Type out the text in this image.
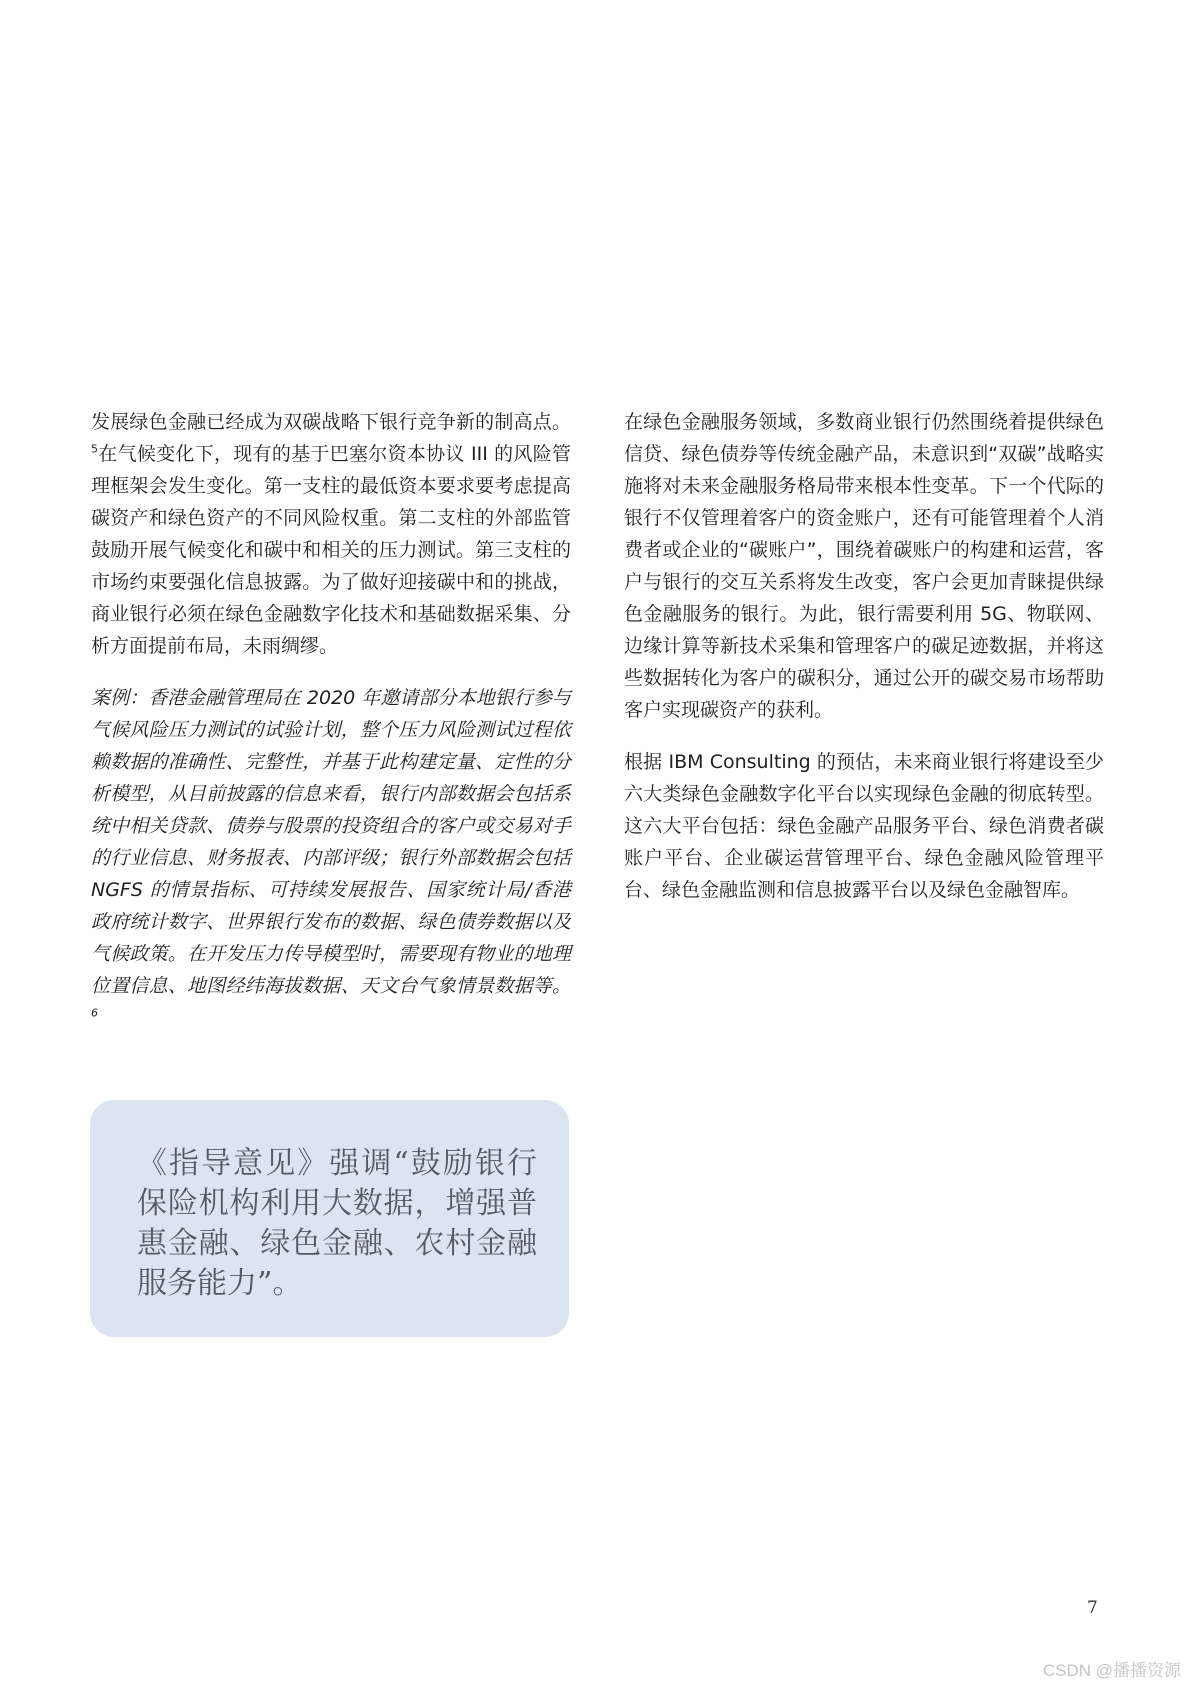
发展绿色金融已经成为双碳战略下银行竞争新的制高点。$^5$在气候变化下，现有的基于巴塞尔资本协议 III 的风险管理框架会发生变化。第一支柱的最低资本要求要考虑提高碳资产和绿色资产的不同风险权重。第二支柱的外部监管鼓励开展气候变化和碳中和相关的压力测试。第三支柱的市场约束要强化信息披露。为了做好迎接碳中和的挑战，商业银行必须在绿色金融数字化技术和基础数据采集、分析方面提前布局，未雨绸缪。

案例：香港金融管理局在 2020 年邀请部分本地银行参与气候风险压力测试的试验计划，整个压力风险测试过程依赖数据的准确性、完整性，并基于此构建定量、定性的分析模型，从目前披露的信息来看，银行内部数据会包括系统中相关贷款、债券与股票的投资组合的客户或交易对手的行业信息、财务报表、内部评级；银行外部数据会包括 NGFS 的情景指标、可持续发展报告、国家统计局/香港政府统计数字、世界银行发布的数据、绿色债券数据以及气候政策。在开发压力传导模型时，需要现有物业的地理位置信息、地图经纬海拔数据、天文台气象情景数据等。$^6$

《指导意见》强调“鼓励银行保险机构利用大数据，增强普惠金融、绿色金融、农村金融服务能力”。

在绿色金融服务领域，多数商业银行仍然围绕着提供绿色信贷、绿色债券等传统金融产品，未意识到“双碳”战略实施将对未来金融服务格局带来根本性变革。下一个代际的银行不仅管理着客户的资金账户，还有可能管理着个人消费者或企业的“碳账户”，围绕着碳账户的构建和运营，客户与银行的交互关系将发生改变，客户会更加青睐提供绿色金融服务的银行。为此，银行需要利用 5G、物联网、边缘计算等新技术采集和管理客户的碳足迹数据，并将这些数据转化为客户的碳积分，通过公开的碳交易市场帮助客户实现碳资产的获利。

根据 IBM Consulting 的预估，未来商业银行将建设至少六大类绿色金融数字化平台以实现绿色金融的彻底转型。这六大平台包括：绿色金融产品服务平台、绿色消费者碳账户平台、企业碳运营管理平台、绿色金融风险管理平台、绿色金融监测和信息披露平台以及绿色金融智库。

7
CSDN @播播资源
